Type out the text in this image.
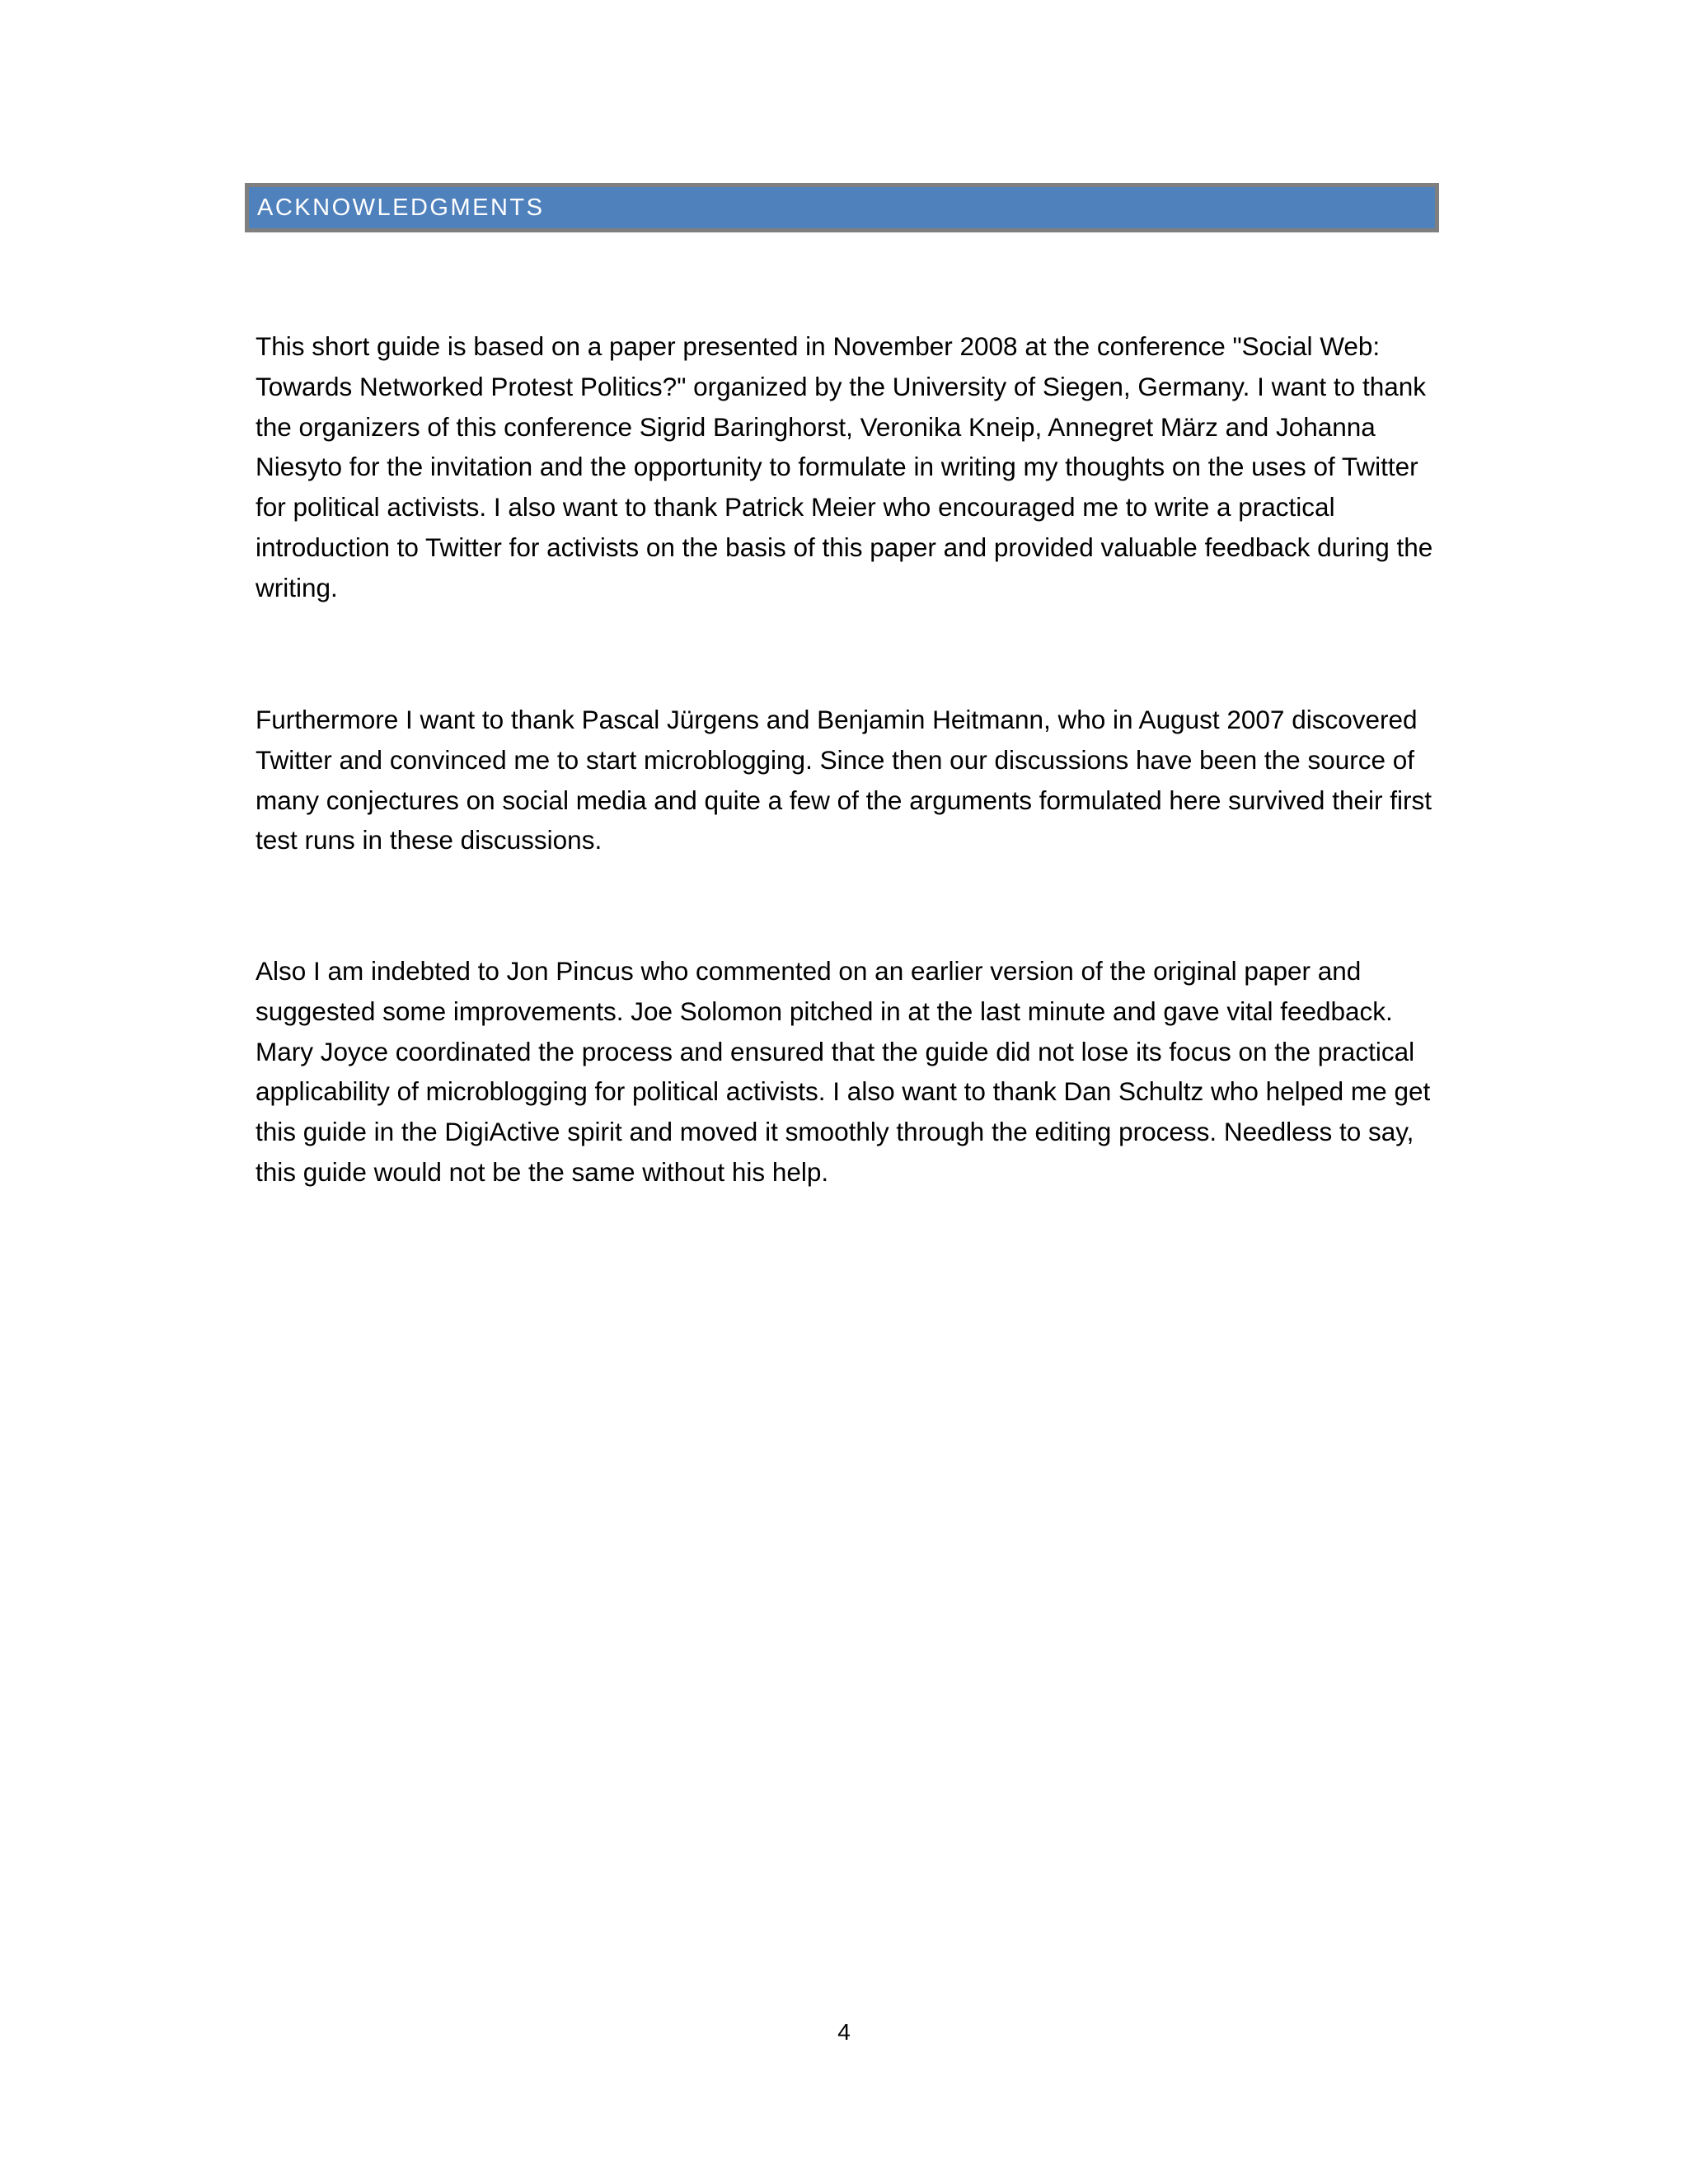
ACKNOWLEDGMENTS

This short guide is based on a paper presented in November 2008 at the conference "Social Web: Towards Networked Protest Politics?" organized by the University of Siegen, Germany. I want to thank the organizers of this conference Sigrid Baringhorst, Veronika Kneip, Annegret März and Johanna Niesyto for the invitation and the opportunity to formulate in writing my thoughts on the uses of Twitter for political activists. I also want to thank Patrick Meier who encouraged me to write a practical introduction to Twitter for activists on the basis of this paper and provided valuable feedback during the writing.

Furthermore I want to thank Pascal Jürgens and Benjamin Heitmann, who in August 2007 discovered Twitter and convinced me to start microblogging. Since then our discussions have been the source of many conjectures on social media and quite a few of the arguments formulated here survived their first test runs in these discussions.

Also I am indebted to Jon Pincus who commented on an earlier version of the original paper and suggested some improvements. Joe Solomon pitched in at the last minute and gave vital feedback. Mary Joyce coordinated the process and ensured that the guide did not lose its focus on the practical applicability of microblogging for political activists. I also want to thank Dan Schultz who helped me get this guide in the DigiActive spirit and moved it smoothly through the editing process. Needless to say, this guide would not be the same without his help.

4
